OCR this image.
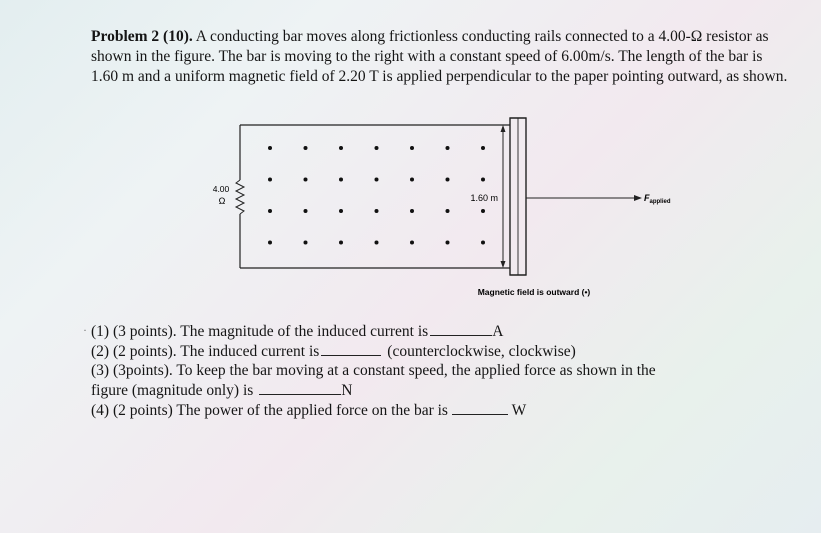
Problem 2 (10). A conducting bar moves along frictionless conducting rails connected to a 4.00-Ω resistor as shown in the figure. The bar is moving to the right with a constant speed of 6.00m/s. The length of the bar is 1.60 m and a uniform magnetic field of 2.20 T is applied perpendicular to the paper pointing outward, as shown.

4.00
Ω	1.60 m	$F_{applied}$
Magnetic field is outward (•)
· (1) (3 points). The magnitude of the induced current is	A
(2) (2 points). The induced current is	(counterclockwise, clockwise)
(3) (3points). To keep the bar moving at a constant speed, the applied force as shown in the
figure (magnitude only) is	N
(4) (2 points) The power of the applied force on the bar is	W
